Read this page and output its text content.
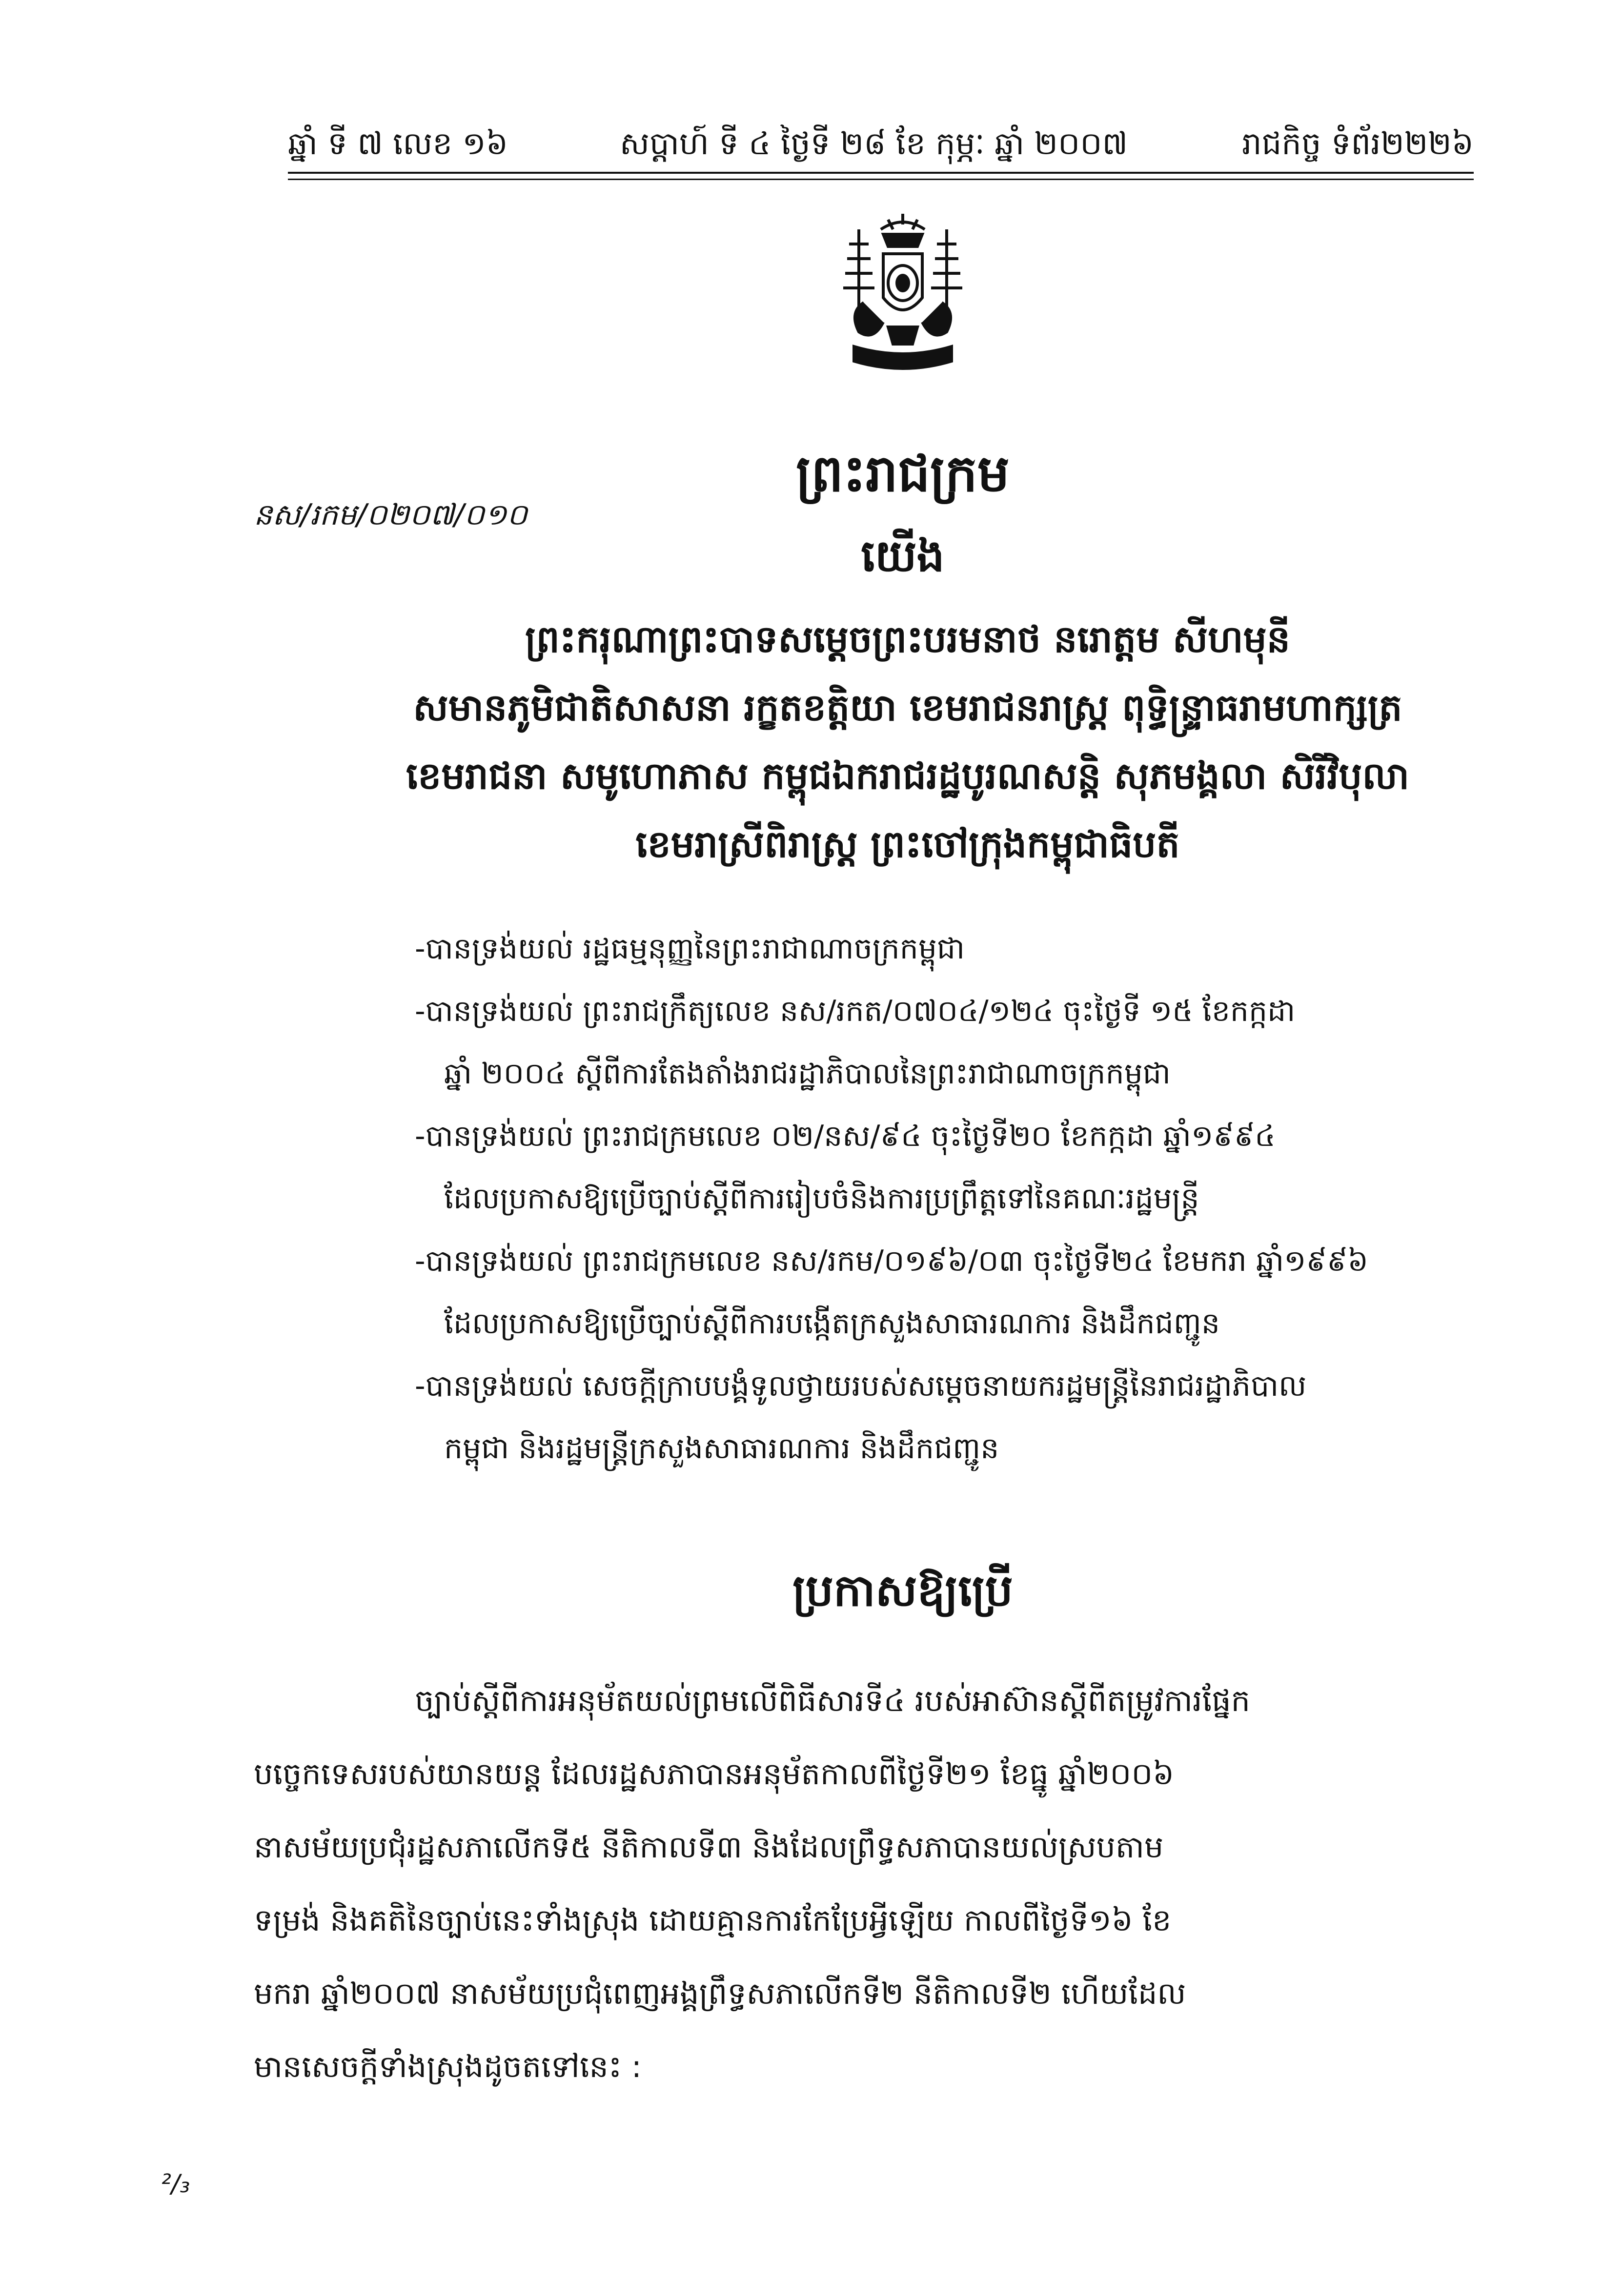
ឆ្នាំ ទី ៧ លេខ ១៦	សប្តាហ៍ ទី ៤ ថ្ងៃទី ២៨ ខែ កុម្ភៈ ឆ្នាំ ២០០៧	រាជកិច្ច ទំព័រ២២២៦
ព្រះរាជក្រម
នស/រកម/០២០៧/០១០
យើង
ព្រះករុណាព្រះបាទសម្តេចព្រះបរមនាថ នរោត្តម សីហមុនី
សមានភូមិជាតិសាសនា រក្ខតខត្តិយា ខេមរាជនរាស្ត្រ ពុទ្ធិន្ទ្រាធរាមហាក្សត្រ
ខេមរាជនា សមូហោភាស កម្ពុជឯករាជរដ្ឋបូរណសន្តិ សុភមង្គលា សិរីវិបុលា
ខេមរាស្រីពិរាស្ត្រ ព្រះចៅក្រុងកម្ពុជាធិបតី
-បានទ្រង់យល់ រដ្ឋធម្មនុញ្ញនៃព្រះរាជាណាចក្រកម្ពុជា
-បានទ្រង់យល់ ព្រះរាជក្រឹត្យលេខ នស/រកត/០៧០៤/១២៤ ចុះថ្ងៃទី ១៥ ខែកក្កដា
ឆ្នាំ ២០០៤ ស្តីពីការតែងតាំងរាជរដ្ឋាភិបាលនៃព្រះរាជាណាចក្រកម្ពុជា
-បានទ្រង់យល់ ព្រះរាជក្រមលេខ ០២/នស/៩៤ ចុះថ្ងៃទី២០ ខែកក្កដា ឆ្នាំ១៩៩៤
ដែលប្រកាសឱ្យប្រើច្បាប់ស្តីពីការរៀបចំនិងការប្រព្រឹត្តទៅនៃគណៈរដ្ឋមន្ត្រី
-បានទ្រង់យល់ ព្រះរាជក្រមលេខ នស/រកម/០១៩៦/០៣ ចុះថ្ងៃទី២៤ ខែមករា ឆ្នាំ១៩៩៦
ដែលប្រកាសឱ្យប្រើច្បាប់ស្តីពីការបង្កើតក្រសួងសាធារណការ និងដឹកជញ្ជូន
-បានទ្រង់យល់ សេចក្តីក្រាបបង្គំទូលថ្វាយរបស់សម្តេចនាយករដ្ឋមន្ត្រីនៃរាជរដ្ឋាភិបាល
កម្ពុជា និងរដ្ឋមន្ត្រីក្រសួងសាធារណការ និងដឹកជញ្ជូន
ប្រកាសឱ្យប្រើ
ច្បាប់ស្តីពីការអនុម័តយល់ព្រមលើពិធីសារទី៤ របស់អាស៊ានស្តីពីតម្រូវការផ្នែក
បច្ចេកទេសរបស់យានយន្ត ដែលរដ្ឋសភាបានអនុម័តកាលពីថ្ងៃទី២១ ខែធ្នូ ឆ្នាំ២០០៦
នាសម័យប្រជុំរដ្ឋសភាលើកទី៥ នីតិកាលទី៣ និងដែលព្រឹទ្ធសភាបានយល់ស្របតាម
ទម្រង់ និងគតិនៃច្បាប់នេះទាំងស្រុង ដោយគ្មានការកែប្រែអ្វីឡើយ កាលពីថ្ងៃទី១៦ ខែ
មករា ឆ្នាំ២០០៧ នាសម័យប្រជុំពេញអង្គព្រឹទ្ធសភាលើកទី២ នីតិកាលទី២ ហើយដែល
មានសេចក្តីទាំងស្រុងដូចតទៅនេះ :
²/₃
